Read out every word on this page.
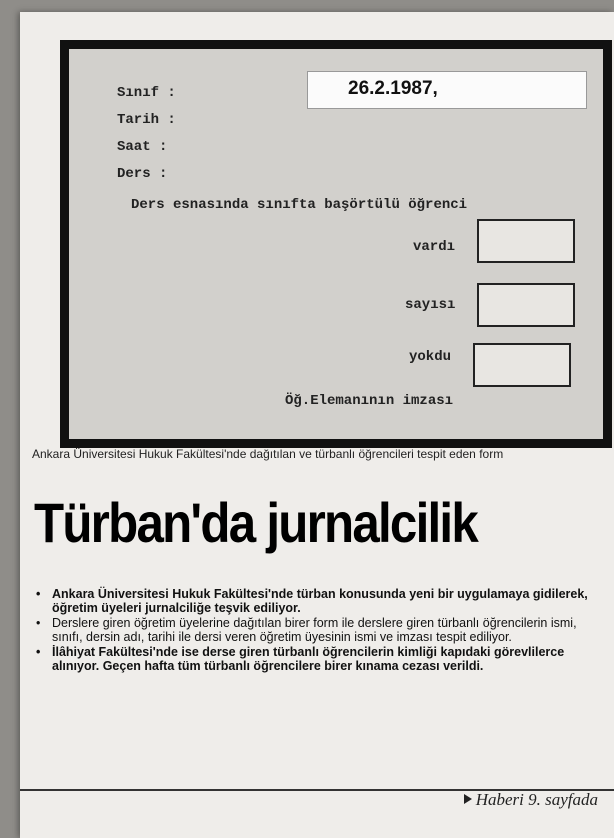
Sınıf :
Tarih :
Saat :
Ders :
26.2.1987,
Ders esnasında sınıfta başörtülü öğrenci
vardı
sayısı
yokdu
Öğ.Elemanının imzası
Ankara Üniversitesi Hukuk Fakültesi'nde dağıtılan ve türbanlı öğrencileri tespit eden form
Türban'da jurnalcilik
• Ankara Üniversitesi Hukuk Fakültesi'nde türban konusunda yeni bir uygulamaya gidilerek, öğretim üyeleri jurnalciliğe teşvik ediliyor.
• Derslere giren öğretim üyelerine dağıtılan birer form ile derslere giren türbanlı öğrencilerin ismi, sınıfı, dersin adı, tarihi ile dersi veren öğretim üyesinin ismi ve imzası tespit ediliyor.
• İlâhiyat Fakültesi'nde ise derse giren türbanlı öğrencilerin kimliği kapıdaki görevlilerce alınıyor. Geçen hafta tüm türbanlı öğrencilere birer kınama cezası verildi.
Haberi 9. sayfada
